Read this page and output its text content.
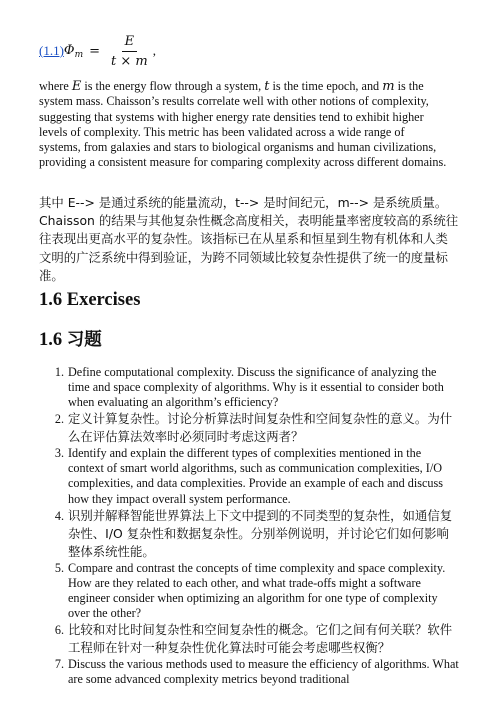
(1.1) $\Phi_m = \frac{E}{t \times m}$ ,

where E is the energy flow through a system, t is the time epoch, and m is the system mass. Chaisson’s results correlate well with other notions of complexity, suggesting that systems with higher energy rate densities tend to exhibit higher levels of complexity. This metric has been validated across a wide range of systems, from galaxies and stars to biological organisms and human civilizations, providing a consistent measure for comparing complexity across different domains.

其中 E--> 是通过系统的能量流动，t--> 是时间纪元，m--> 是系统质量。Chaisson 的结果与其他复杂性概念高度相关，表明能量率密度较高的系统往往表现出更高水平的复杂性。该指标已在从星系和恒星到生物有机体和人类文明的广泛系统中得到验证，为跨不同领域比较复杂性提供了统一的度量标准。

1.6 Exercises
1.6 习题
1. Define computational complexity. Discuss the significance of analyzing the time and space complexity of algorithms. Why is it essential to consider both when evaluating an algorithm’s efficiency?
2. 定义计算复杂性。讨论分析算法时间复杂性和空间复杂性的意义。为什么在评估算法效率时必须同时考虑这两者？
3. Identify and explain the different types of complexities mentioned in the context of smart world algorithms, such as communication complexities, I/O complexities, and data complexities. Provide an example of each and discuss how they impact overall system performance.
4. 识别并解释智能世界算法上下文中提到的不同类型的复杂性，如通信复杂性、I/O 复杂性和数据复杂性。分别举例说明，并讨论它们如何影响整体系统性能。
5. Compare and contrast the concepts of time complexity and space complexity. How are they related to each other, and what trade-offs might a software engineer consider when optimizing an algorithm for one type of complexity over the other?
6. 比较和对比时间复杂性和空间复杂性的概念。它们之间有何关联？软件工程师在针对一种复杂性优化算法时可能会考虑哪些权衡？
7. Discuss the various methods used to measure the efficiency of algorithms. What are some advanced complexity metrics beyond traditional
